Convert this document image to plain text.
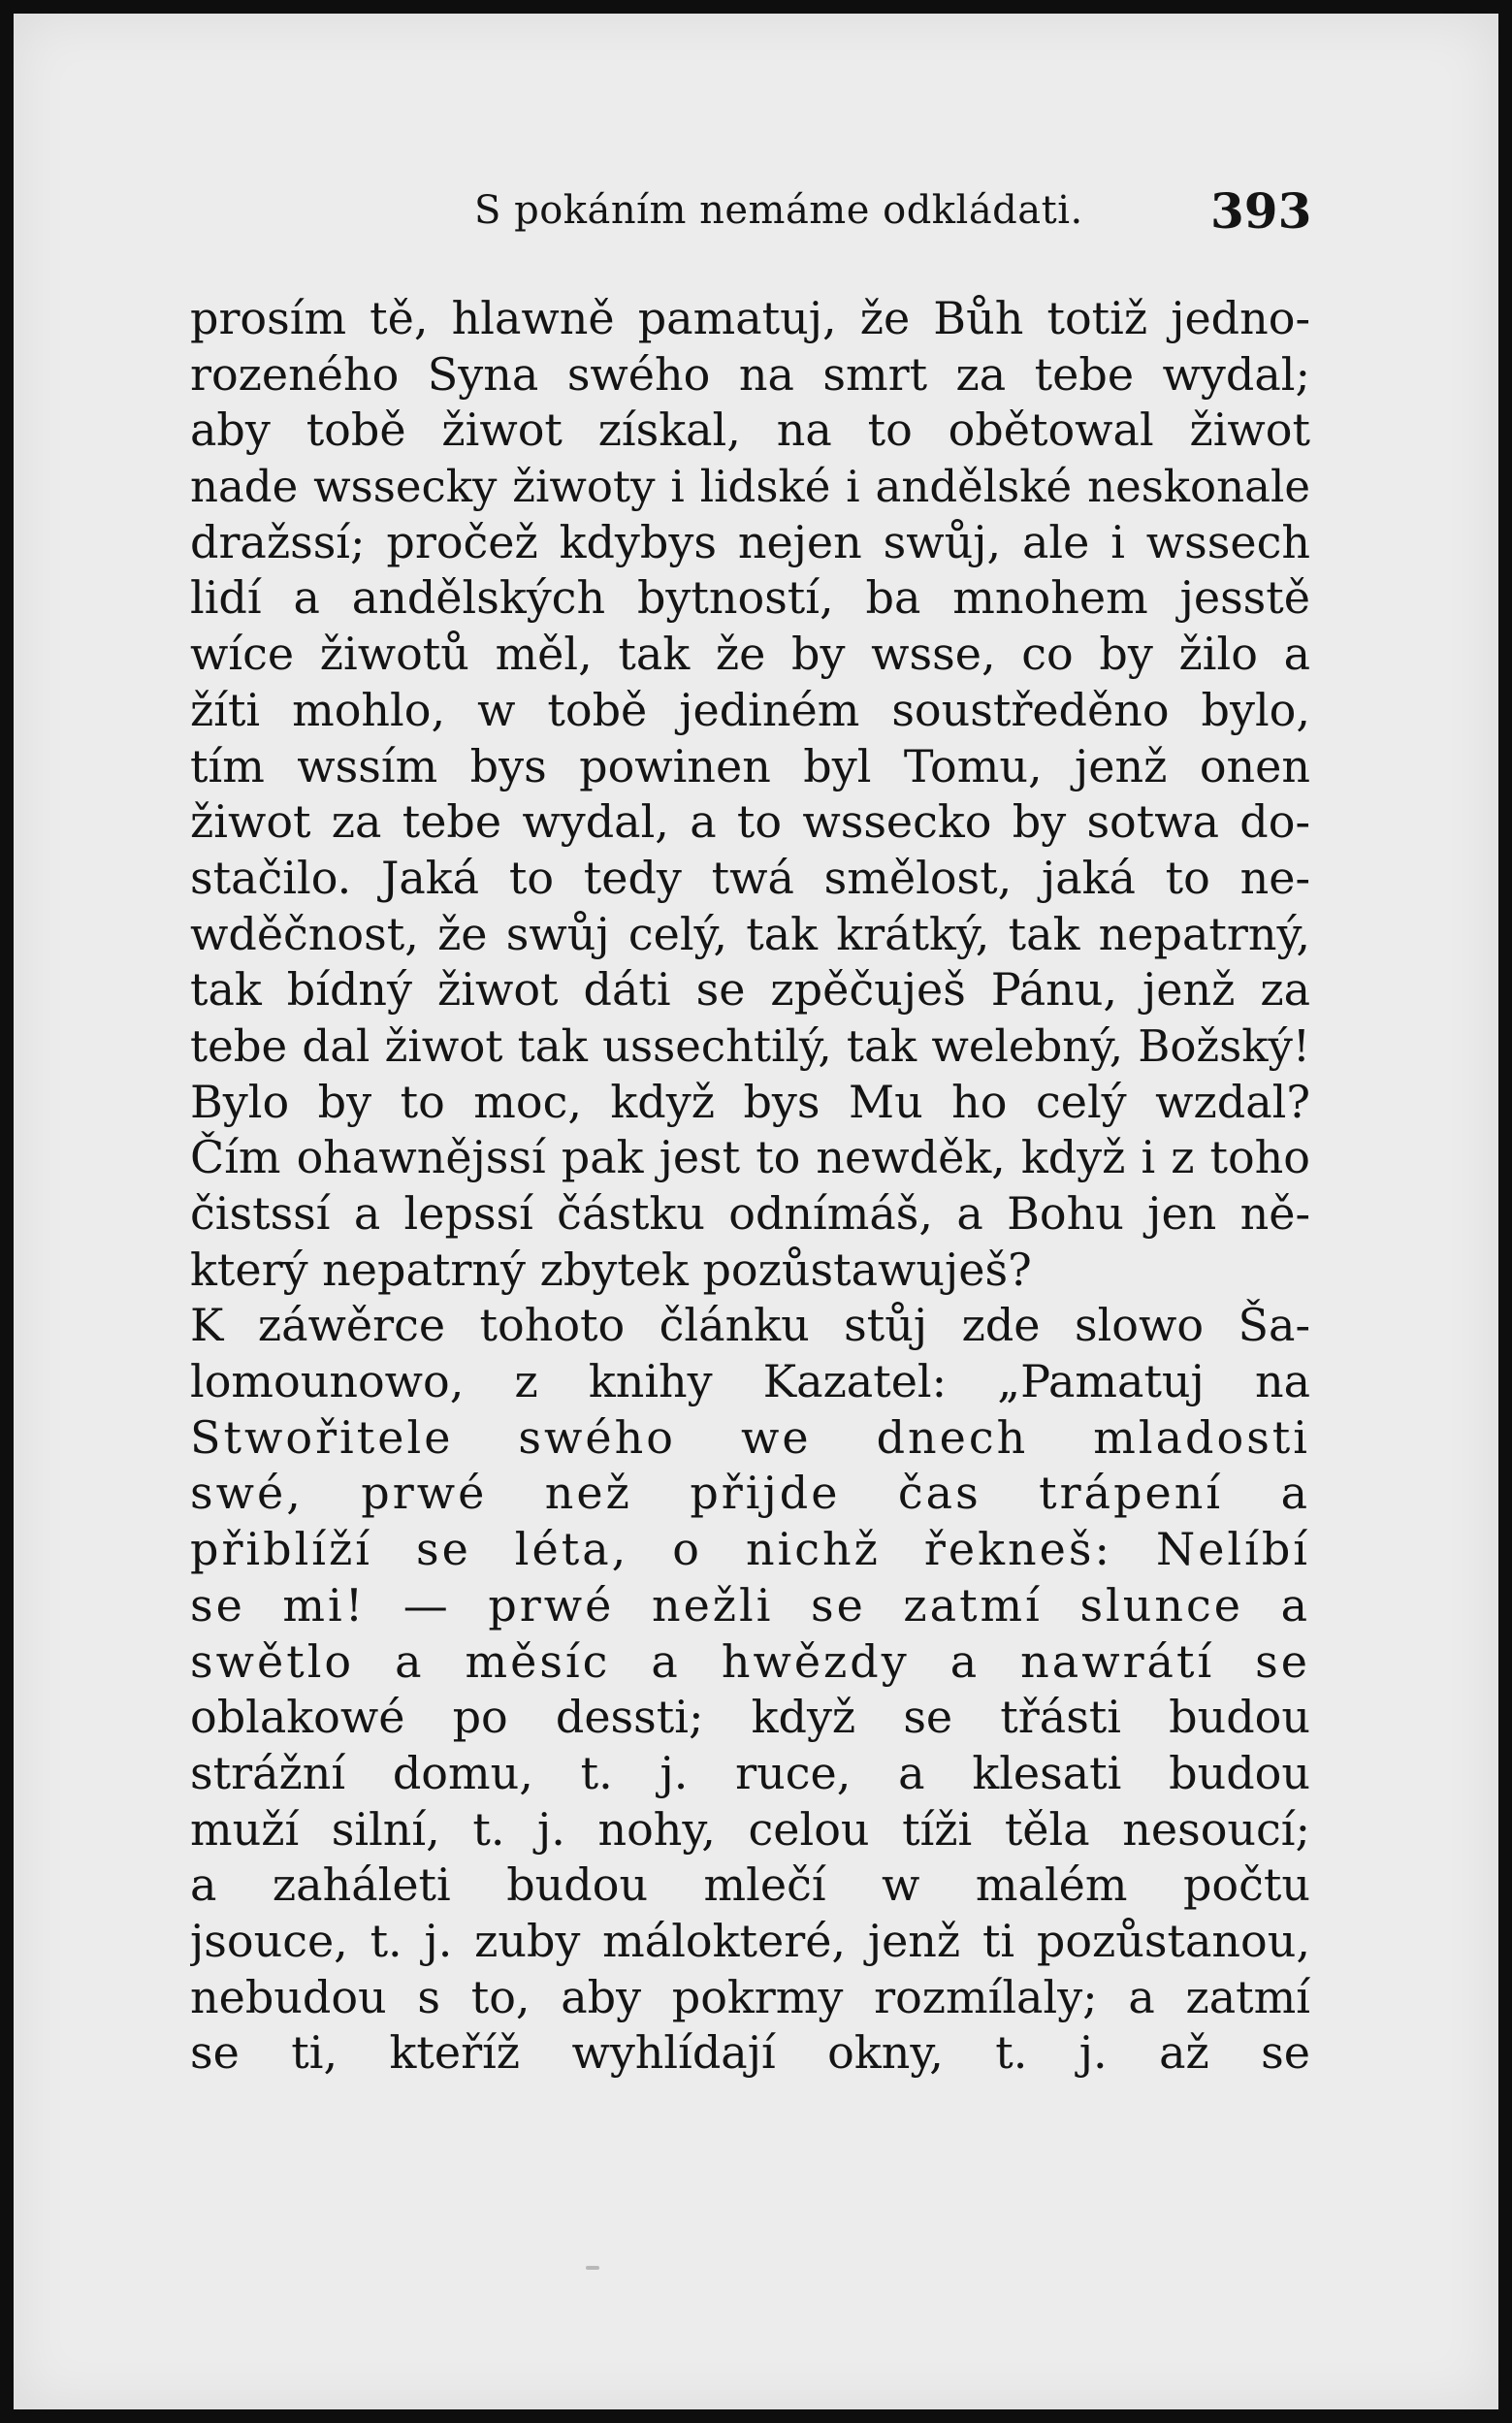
S pokáním nemáme odkládati.	393
prosím tě, hlawně pamatuj, že Bůh totiž jedno-
rozeného Syna swého na smrt za tebe wydal;
aby tobě žiwot získal, na to obětowal žiwot
nade wssecky žiwoty i lidské i andělské neskonale
dražssí; pročež kdybys nejen swůj, ale i wssech
lidí a andělských bytností, ba mnohem jesstě
wíce žiwotů měl, tak že by wsse, co by žilo a
žíti mohlo, w tobě jediném soustředěno bylo,
tím wssím bys powinen byl Tomu, jenž onen
žiwot za tebe wydal, a to wssecko by sotwa do-
stačilo. Jaká to tedy twá smělost, jaká to ne-
wděčnost, že swůj celý, tak krátký, tak nepatrný,
tak bídný žiwot dáti se zpěčuješ Pánu, jenž za
tebe dal žiwot tak ussechtilý, tak welebný, Božský!
Bylo by to moc, když bys Mu ho celý wzdal?
Čím ohawnějssí pak jest to newděk, když i z toho
čistssí a lepssí částku odnímáš, a Bohu jen ně-
který nepatrný zbytek pozůstawuješ?
K záwěrce tohoto článku stůj zde slowo Ša-
lomounowo, z knihy Kazatel: „Pamatuj na
Stwořitele swého we dnech mladosti
swé, prwé než přijde čas trápení a
přiblíží se léta, o nichž řekneš: Nelíbí
se mi! — prwé nežli se zatmí slunce a
swětlo a měsíc a hwězdy a nawrátí se
oblakowé po dessti; když se třásti budou
strážní domu, t. j. ruce, a klesati budou
muží silní, t. j. nohy, celou tíži těla nesoucí;
a zaháleti budou mlečí w malém počtu
jsouce, t. j. zuby málokteré, jenž ti pozůstanou,
nebudou s to, aby pokrmy rozmílaly; a zatmí
se ti, kteříž wyhlídají okny, t. j. až se
